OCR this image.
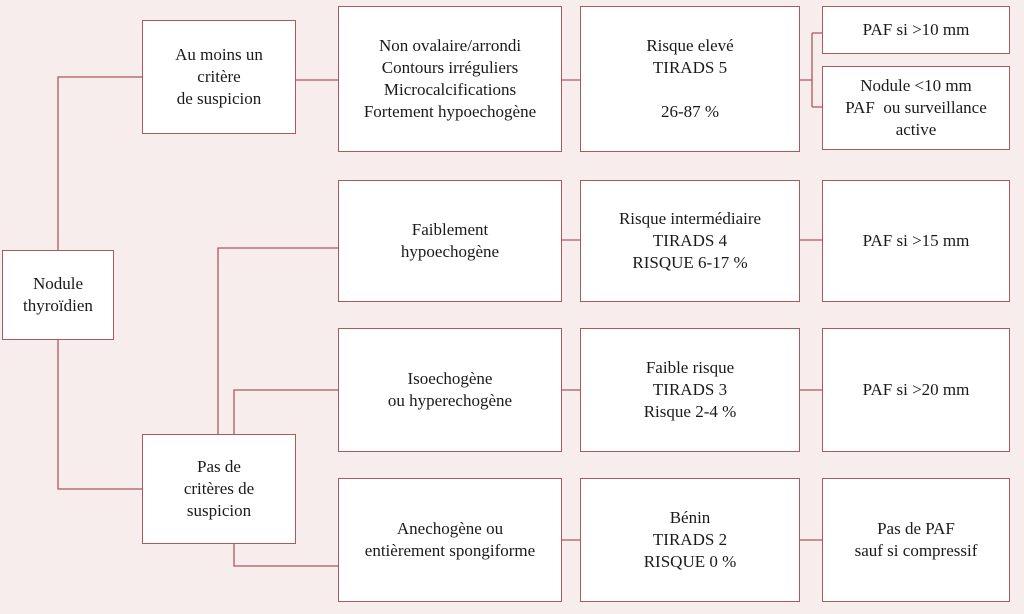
Nodule
thyroïdien
Au moins un
critère
de suspicion
Pas de
critères de
suspicion
Non ovalaire/arrondi
Contours irréguliers
Microcalcifications
Fortement hypoechogène
Faiblement
hypoechogène
Isoechogène
ou hyperechogène
Anechogène ou
entièrement spongiforme
Risque elevé
TIRADS 5
26-87 %
Risque intermédiaire
TIRADS 4
RISQUE 6-17 %
Faible risque
TIRADS 3
Risque 2-4 %
Bénin
TIRADS 2
RISQUE 0 %
PAF si >10 mm
Nodule <10 mm
PAF  ou surveillance
active
PAF si >15 mm
PAF si >20 mm
Pas de PAF
sauf si compressif
